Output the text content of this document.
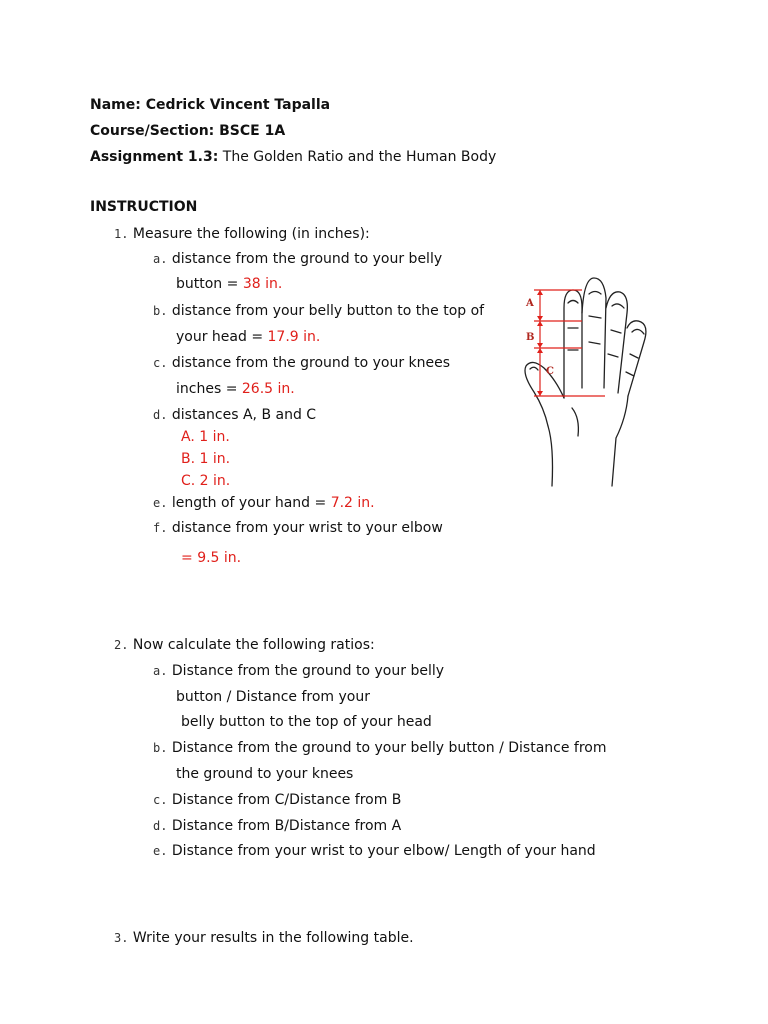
Name: Cedrick Vincent Tapalla
Course/Section: BSCE 1A
Assignment 1.3: The Golden Ratio and the Human Body
INSTRUCTION
1. Measure the following (in inches):
a. distance from the ground to your belly
button = 38 in.
b. distance from your belly button to the top of
your head = 17.9 in.
c. distance from the ground to your knees
inches = 26.5 in.
d. distances A, B and C
A. 1 in.
B. 1 in.
C. 2 in.
e. length of your hand = 7.2 in.
f. distance from your wrist to your elbow
= 9.5 in.
A
B
C
2. Now calculate the following ratios:
a. Distance from the ground to your belly
button / Distance from your
belly button to the top of your head
b. Distance from the ground to your belly button / Distance from
the ground to your knees
c. Distance from C/Distance from B
d. Distance from B/Distance from A
e. Distance from your wrist to your elbow/ Length of your hand
3. Write your results in the following table.
